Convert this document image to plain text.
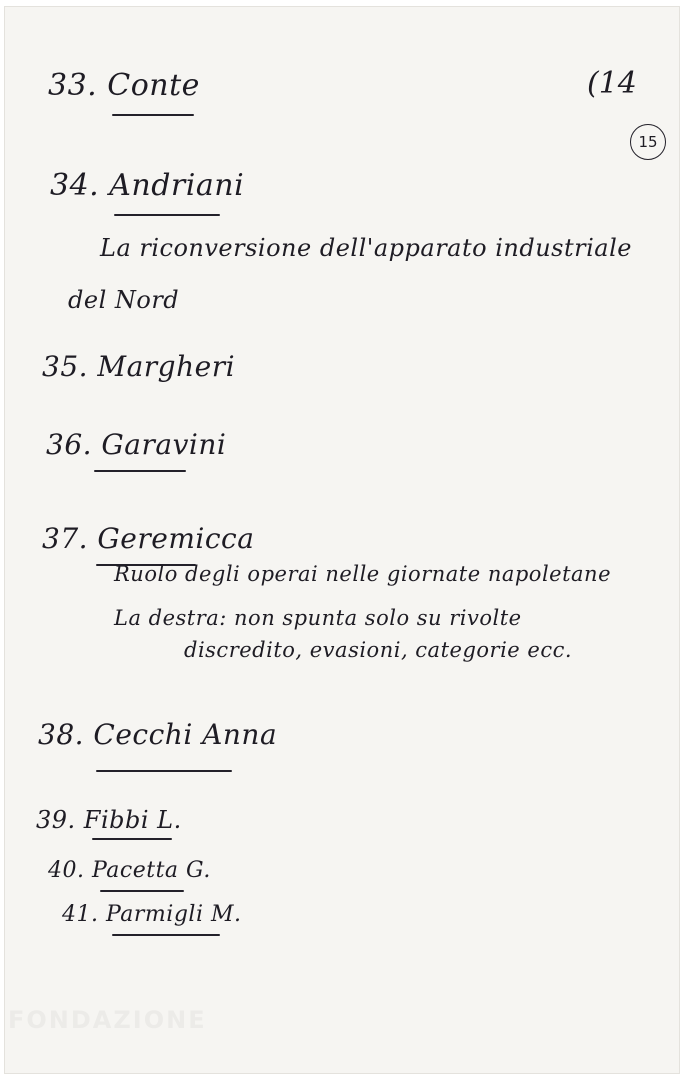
(14
15
33. Conte
34. Andriani
La riconversione dell'apparato industriale
del Nord
35. Margheri
36. Garavini
37. Geremicca
Ruolo degli operai nelle giornate napoletane
La destra: non spunta solo su rivolte
discredito, evasioni, categorie ecc.
38. Cecchi Anna
39. Fibbi L.
40. Pacetta G.
41. Parmigli M.
FONDAZIONE
